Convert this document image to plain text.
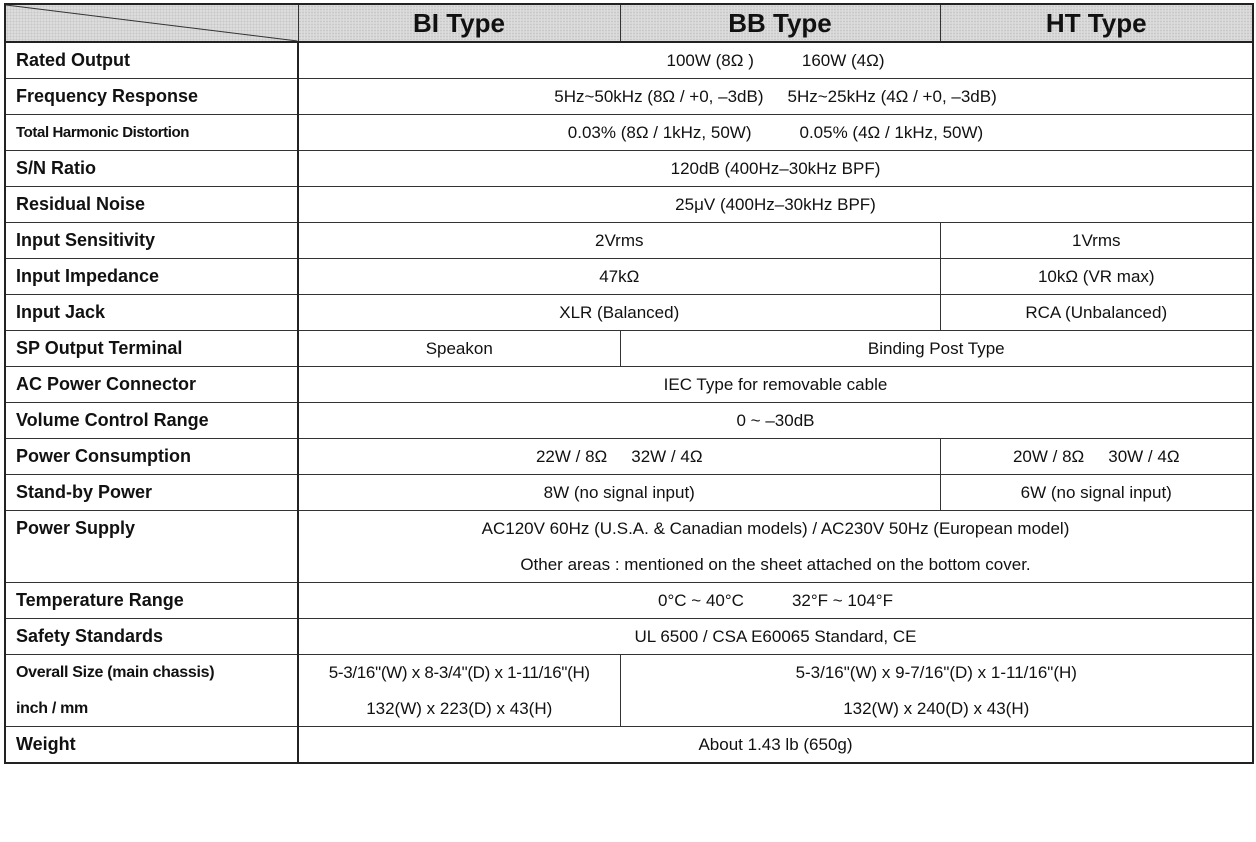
	BI Type	BB Type	HT Type
Rated Output	100W (8Ω ) 160W (4Ω)		
Frequency Response	5Hz~50kHz (8Ω / +0, –3dB) 5Hz~25kHz (4Ω / +0, –3dB)		
Total Harmonic Distortion	0.03% (8Ω / 1kHz, 50W) 0.05% (4Ω / 1kHz, 50W)		
S/N Ratio	120dB (400Hz–30kHz BPF)		
Residual Noise	25μV (400Hz–30kHz BPF)		
Input Sensitivity	2Vrms		1Vrms
Input Impedance	47kΩ		10kΩ (VR max)
Input Jack	XLR (Balanced)		RCA (Unbalanced)
SP Output Terminal	Speakon	Binding Post Type	
AC Power Connector	IEC Type for removable cable		
Volume Control Range	0 ~ –30dB		
Power Consumption	22W / 8Ω 32W / 4Ω		20W / 8Ω 30W / 4Ω
Stand-by Power	8W (no signal input)		6W (no signal input)
Power Supply	AC120V 60Hz (U.S.A. & Canadian models) / AC230V 50Hz (European model)		
	Other areas : mentioned on the sheet attached on the bottom cover.		
Temperature Range	0°C ~ 40°C 32°F ~ 104°F		
Safety Standards	UL 6500 / CSA E60065 Standard, CE		
Overall Size (main chassis)	5-3/16"(W) x 8-3/4"(D) x 1-11/16"(H)	5-3/16"(W) x 9-7/16"(D) x 1-11/16"(H)	
inch / mm	132(W) x 223(D) x 43(H)	132(W) x 240(D) x 43(H)	
Weight	About 1.43 lb (650g)		
